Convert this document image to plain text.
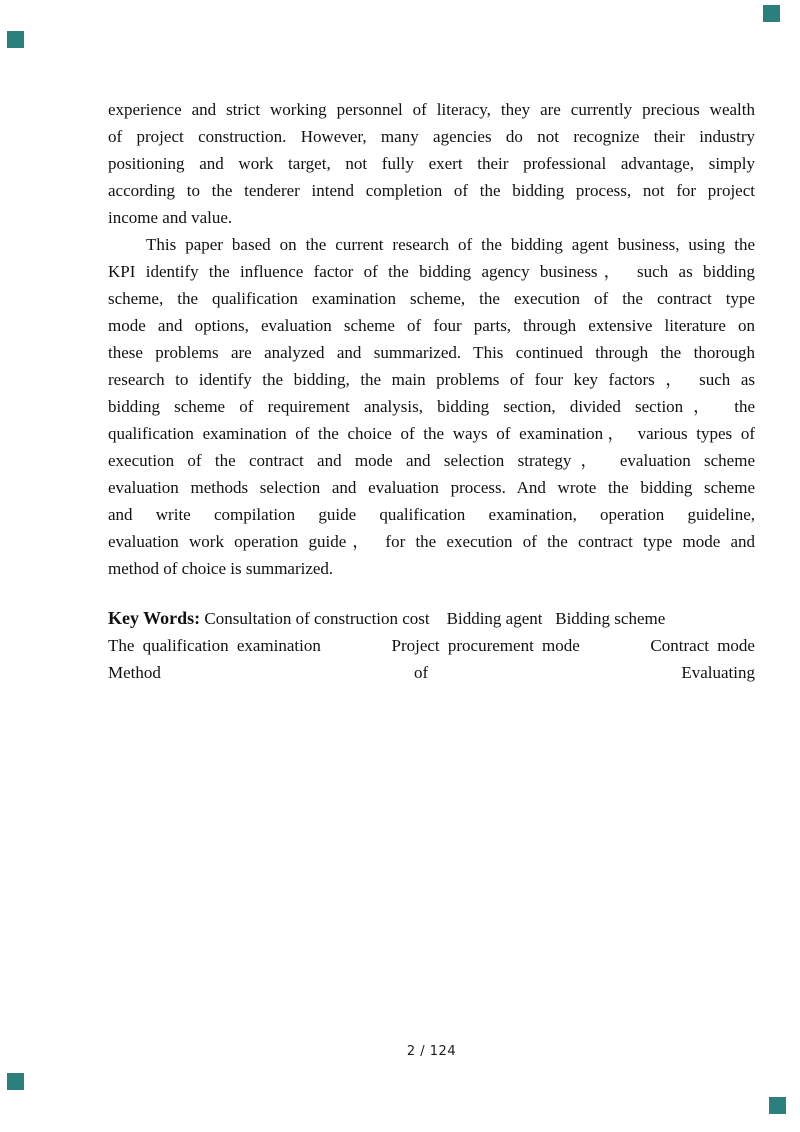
experience and strict working personnel of literacy, they are currently precious wealth
of project construction. However, many agencies do not recognize their industry
positioning and work target, not fully exert their professional advantage, simply
according to the tenderer intend completion of the bidding process, not for project
income and value.
This paper based on the current research of the bidding agent business, using the
KPI identify the influence factor of the bidding agency business， such as bidding
scheme, the qualification examination scheme, the execution of the contract type
mode and options, evaluation scheme of four parts, through extensive literature on
these problems are analyzed and summarized. This continued through the thorough
research to identify the bidding, the main problems of four key factors ， such as
bidding scheme of requirement analysis, bidding section, divided section， the
qualification examination of the choice of the ways of examination， various types of
execution of the contract and mode and selection strategy， evaluation scheme
evaluation methods selection and evaluation process. And wrote the bidding scheme
and write compilation guide qualification examination, operation guideline,
evaluation work operation guide， for the execution of the contract type mode and
method of choice is summarized.
Key Words: Consultation of construction cost    Bidding agent   Bidding scheme
The qualification examination	Project procurement mode	Contract mode
Method	of	Evaluating
2 / 124
